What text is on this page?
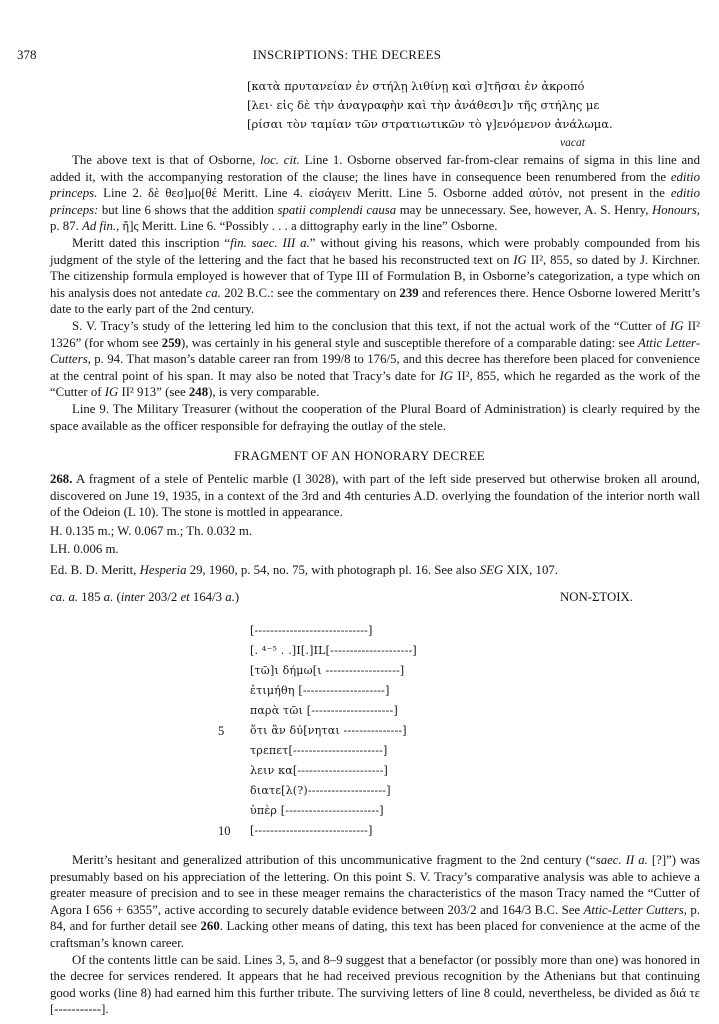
378	INSCRIPTIONS: THE DECREES
[κατὰ πρυτανείαν ἐν στήλῃ λιθίνῃ καὶ σ]τῆσαι ἐν ἀκροπό
[λει· εἰς δὲ τὴν ἀναγραφὴν καὶ τὴν ἀνάθεσι]ν τῆς στήλης με
[ρίσαι τὸν ταμίαν τῶν στρατιωτικῶν τὸ γ]ενόμενον ἀνάλωμα.
vacat

The above text is that of Osborne, loc. cit. Line 1. Osborne observed far-from-clear remains of sigma in this line and added it, with the accompanying restoration of the clause; the lines have in consequence been renumbered from the editio princeps. Line 2. δὲ θεσ]μο[θέ Meritt. Line 4. εἰσάγειν Meritt. Line 5. Osborne added αὐτόν, not present in the editio princeps: but line 6 shows that the addition spatii complendi causa may be unnecessary. See, however, A. S. Henry, Honours, p. 87. Ad fin., ἤ]ς Meritt. Line 6. “Possibly . . . a dittography early in the line” Osborne.

Meritt dated this inscription “fin. saec. III a.” without giving his reasons, which were probably compounded from his judgment of the style of the lettering and the fact that he based his reconstructed text on IG II², 855, so dated by J. Kirchner. The citizenship formula employed is however that of Type III of Formulation B, in Osborne’s categorization, a type which on his analysis does not antedate ca. 202 B.C.: see the commentary on 239 and references there. Hence Osborne lowered Meritt’s date to the early part of the 2nd century.

S. V. Tracy’s study of the lettering led him to the conclusion that this text, if not the actual work of the “Cutter of IG II² 1326” (for whom see 259), was certainly in his general style and susceptible therefore of a comparable dating: see Attic Letter-Cutters, p. 94. That mason’s datable career ran from 199/8 to 176/5, and this decree has therefore been placed for convenience at the central point of his span. It may also be noted that Tracy’s date for IG II², 855, which he regarded as the work of the “Cutter of IG II² 913” (see 248), is very comparable.

Line 9. The Military Treasurer (without the cooperation of the Plural Board of Administration) is clearly required by the space available as the officer responsible for defraying the outlay of the stele.

FRAGMENT OF AN HONORARY DECREE

268. A fragment of a stele of Pentelic marble (I 3028), with part of the left side preserved but otherwise broken all around, discovered on June 19, 1935, in a context of the 3rd and 4th centuries A.D. overlying the foundation of the interior north wall of the Odeion (L 10). The stone is mottled in appearance.

H. 0.135 m.; W. 0.067 m.; Th. 0.032 m.
LH. 0.006 m.
Ed. B. D. Meritt, Hesperia 29, 1960, p. 54, no. 75, with photograph pl. 16. See also SEG XIX, 107.
ca. a. 185 a. (inter 203/2 et 164/3 a.)	NON-ΣΤΟΙΧ.
[-----------------------------]
[. ⁴⁻⁵ . .]I[.]IL[---------------------]
[τῶ]ι δήμω[ι -------------------]
ἐτιμήθη [---------------------]
παρὰ τῶι [---------------------]
5 ὅτι ἂν δύ[νηται ---------------]
τρεπετ[-----------------------]
λειν κα[----------------------]
διατε[λ(?)--------------------]
ὑπὲρ [------------------------]
10 [-----------------------------]

Meritt’s hesitant and generalized attribution of this uncommunicative fragment to the 2nd century (“saec. II a. [?]”) was presumably based on his appreciation of the lettering. On this point S. V. Tracy’s comparative analysis was able to achieve a greater measure of precision and to see in these meager remains the characteristics of the mason Tracy named the “Cutter of Agora I 656 + 6355”, active according to securely datable evidence between 203/2 and 164/3 B.C. See Attic-Letter Cutters, p. 84, and for further detail see 260. Lacking other means of dating, this text has been placed for convenience at the acme of the craftsman’s known career.

Of the contents little can be said. Lines 3, 5, and 8–9 suggest that a benefactor (or possibly more than one) was honored in the decree for services rendered. It appears that he had received previous recognition by the Athenians but that continuing good works (line 8) had earned him this further tribute. The surviving letters of line 8 could, nevertheless, be divided as διά τε [-----------].
